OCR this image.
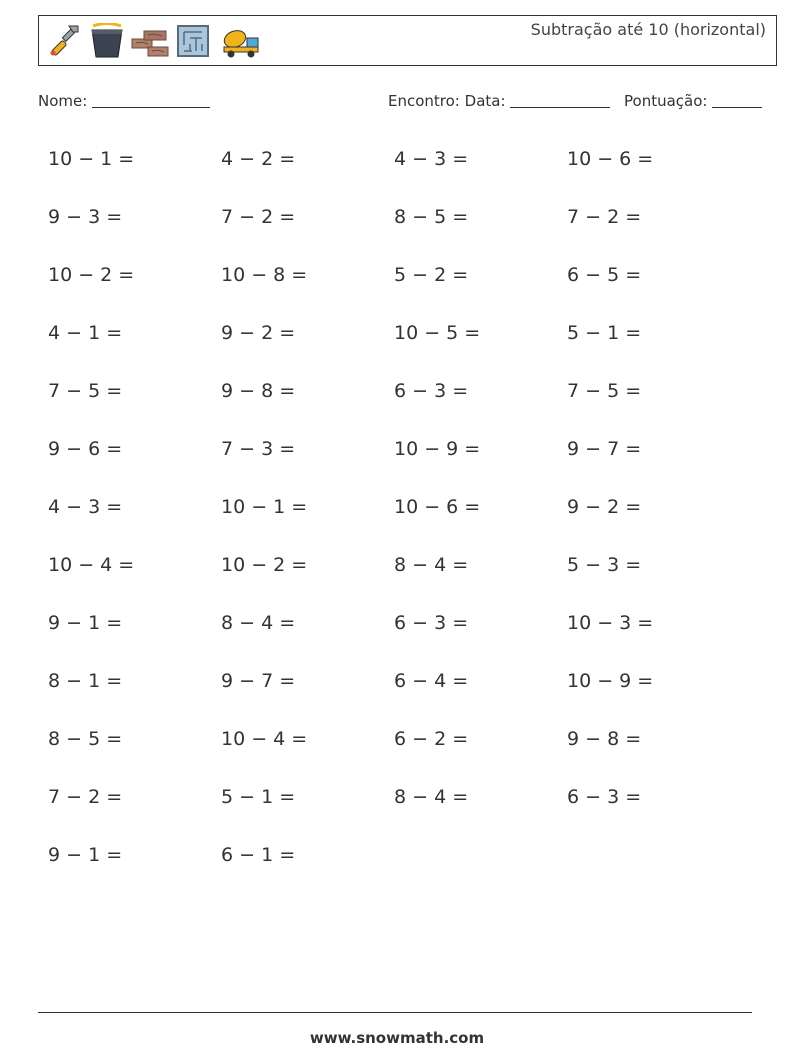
Subtração até 10 (horizontal)
Nome:	Encontro: Data:	Pontuação:
10 − 1 =	4 − 2 =	4 − 3 =	10 − 6 =
9 − 3 =	7 − 2 =	8 − 5 =	7 − 2 =
10 − 2 =	10 − 8 =	5 − 2 =	6 − 5 =
4 − 1 =	9 − 2 =	10 − 5 =	5 − 1 =
7 − 5 =	9 − 8 =	6 − 3 =	7 − 5 =
9 − 6 =	7 − 3 =	10 − 9 =	9 − 7 =
4 − 3 =	10 − 1 =	10 − 6 =	9 − 2 =
10 − 4 =	10 − 2 =	8 − 4 =	5 − 3 =
9 − 1 =	8 − 4 =	6 − 3 =	10 − 3 =
8 − 1 =	9 − 7 =	6 − 4 =	10 − 9 =
8 − 5 =	10 − 4 =	6 − 2 =	9 − 8 =
7 − 2 =	5 − 1 =	8 − 4 =	6 − 3 =
9 − 1 =	6 − 1 =
www.snowmath.com
